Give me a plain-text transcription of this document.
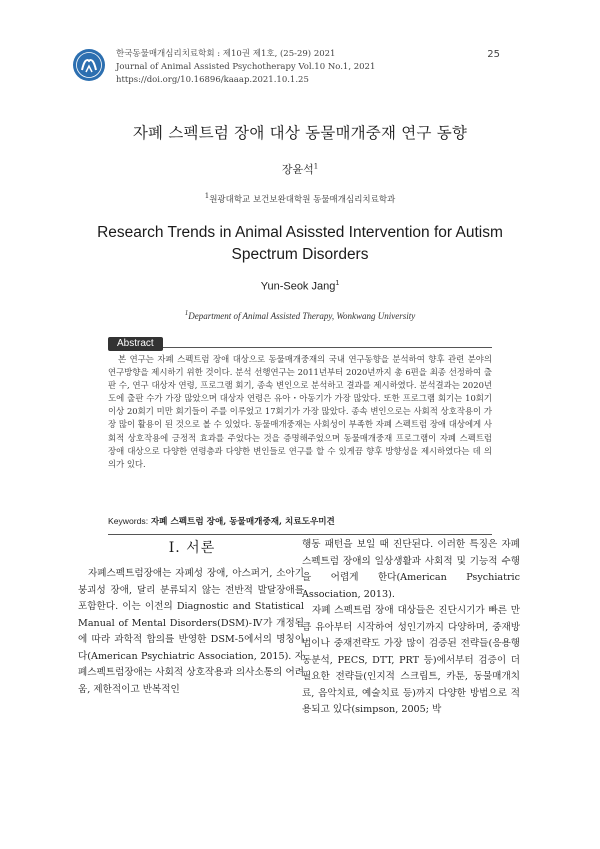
한국동물매개심리치료학회 : 제10권 제1호, (25-29) 2021
Journal of Animal Assisted Psychotherapy Vol.10 No.1, 2021
https://doi.org/10.16896/kaaap.2021.10.1.25
25
자폐 스펙트럼 장애 대상 동물매개중재 연구 동향
장윤석$^1$
$^1$원광대학교 보건보완대학원 동물매개심리치료학과
Research Trends in Animal Asissted Intervention for Autism Spectrum Disorders
Yun-Seok Jang$^1$
$^1$Department of Animal Assisted Therapy, Wonkwang University
Abstract
본 연구는 자폐 스펙트럼 장애 대상으로 동물매개중재의 국내 연구동향을 분석하여 향후 관련 분야의 연구방향을 제시하기 위한 것이다. 분석 선행연구는 2011년부터 2020년까지 총 6편을 최종 선정하여 출판 수, 연구 대상자 연령, 프로그램 회기, 종속 변인으로 분석하고 결과를 제시하였다. 분석결과는 2020년도에 출판 수가 가장 많았으며 대상자 연령은 유아・아동기가 가장 많았다. 또한 프로그램 회기는 10회기 이상 20회기 미만 회기들이 주를 이루었고 17회기가 가장 많았다. 종속 변인으로는 사회적 상호작용이 가장 많이 활용이 된 것으로 볼 수 있었다. 동물매개중재는 사회성이 부족한 자폐 스펙트럼 장애 대상에게 사회적 상호작용에 긍정적 효과를 주었다는 것을 증명해주었으며 동물매개중재 프로그램이 자폐 스펙트럼 장애 대상으로 다양한 연령층과 다양한 변인들로 연구를 할 수 있게끔 향후 방향성을 제시하였다는 데 의의가 있다.
Keywords: 자폐 스펙트럼 장애, 동물매개중재, 치료도우미견
Ⅰ. 서론
자폐스펙트럼장애는 자폐성 장애, 아스퍼거, 소아기 붕괴성 장애, 달리 분류되지 않는 전반적 발달장애를 포함한다. 이는 이전의 Diagnostic and Statistical Manual of Mental Disorders(DSM)-Ⅳ가 개정됨에 따라 과학적 합의를 반영한 DSM-5에서의 명칭이다(American Psychiatric Association, 2015). 자폐스펙트럼장애는 사회적 상호작용과 의사소통의 어려움, 제한적이고 반복적인

행동 패턴을 보일 때 진단된다. 이러한 특징은 자폐 스펙트럼 장애의 일상생활과 사회적 및 기능적 수행을 어렵게 한다(American Psychiatric Association, 2013).

자폐 스펙트럼 장애 대상들은 진단시기가 빠른 만큼 유아부터 시작하여 성인기까지 다양하며, 중재방법이나 중재전략도 가장 많이 검증된 전략들(응용행동분석, PECS, DTT, PRT 등)에서부터 검증이 더 필요한 전략들(인지적 스크립트, 카툰, 동물매개치료, 음악치료, 예술치료 등)까지 다양한 방법으로 적용되고 있다(simpson, 2005; 박
